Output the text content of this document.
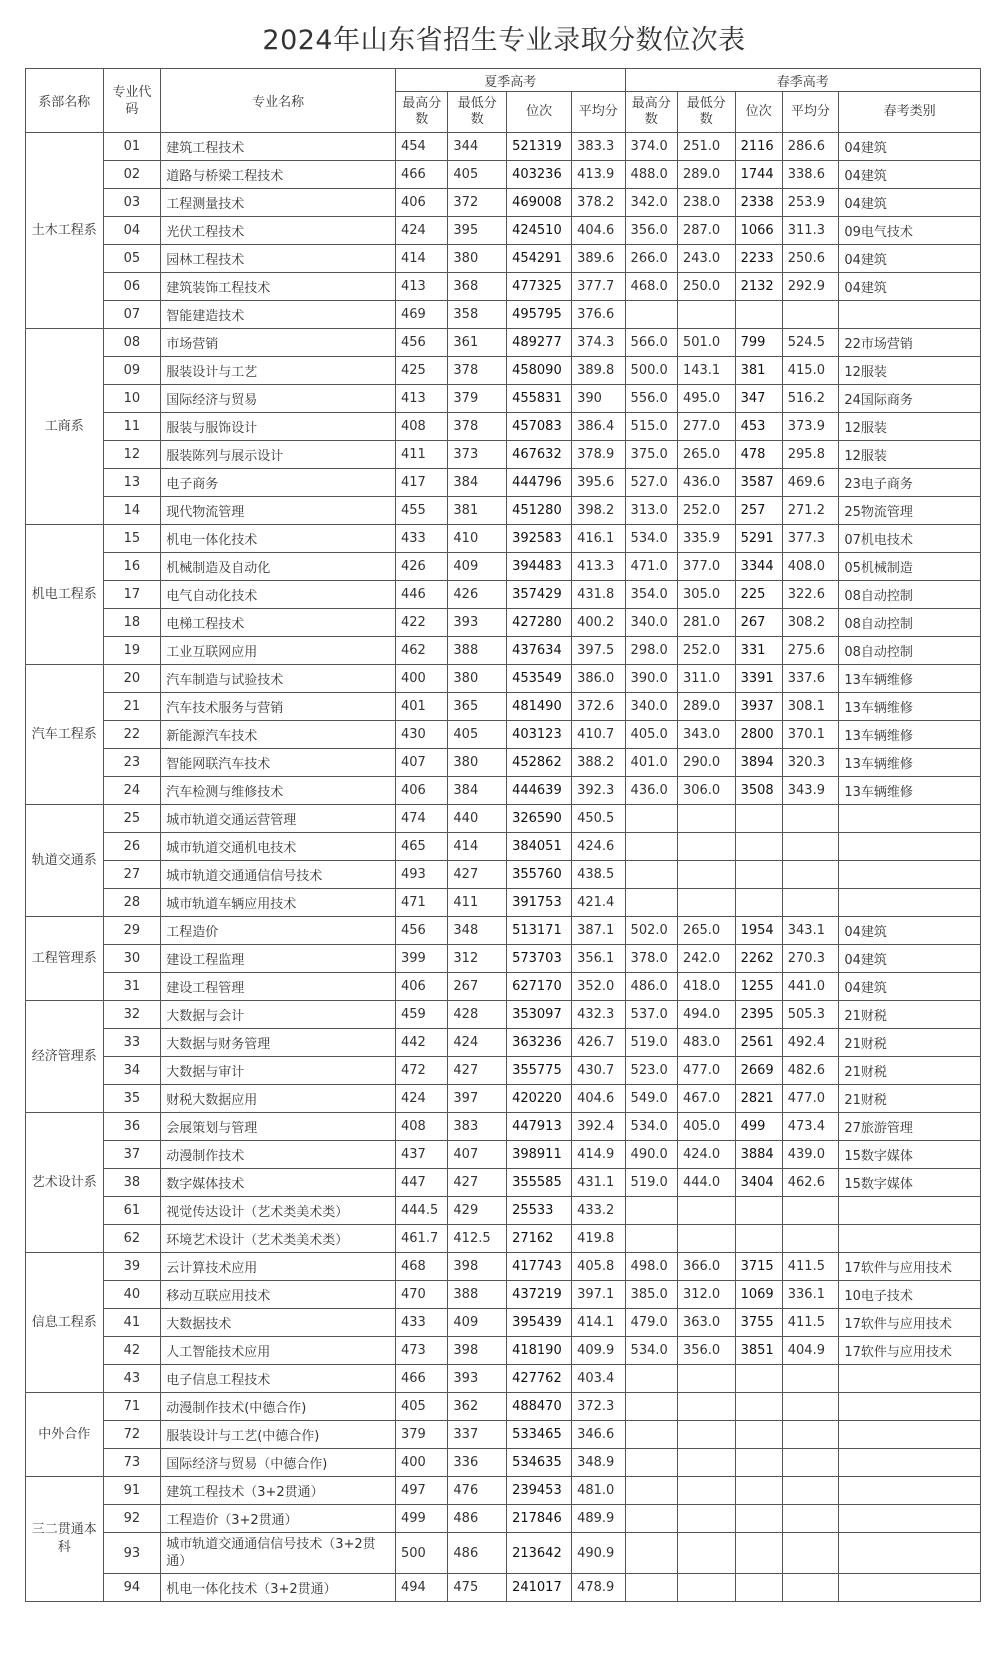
2024年山东省招生专业录取分数位次表
系部名称	专业代码	专业名称	夏季高考				春季高考				
			最高分数	最低分数	位次	平均分	最高分数	最低分数	位次	平均分	春考类别
土木工程系	01	建筑工程技术	454	344	521319	383.3	374.0	251.0	2116	286.6	04建筑
	02	道路与桥梁工程技术	466	405	403236	413.9	488.0	289.0	1744	338.6	04建筑
	03	工程测量技术	406	372	469008	378.2	342.0	238.0	2338	253.9	04建筑
	04	光伏工程技术	424	395	424510	404.6	356.0	287.0	1066	311.3	09电气技术
	05	园林工程技术	414	380	454291	389.6	266.0	243.0	2233	250.6	04建筑
	06	建筑装饰工程技术	413	368	477325	377.7	468.0	250.0	2132	292.9	04建筑
	07	智能建造技术	469	358	495795	376.6					
工商系	08	市场营销	456	361	489277	374.3	566.0	501.0	799	524.5	22市场营销
	09	服装设计与工艺	425	378	458090	389.8	500.0	143.1	381	415.0	12服装
	10	国际经济与贸易	413	379	455831	390	556.0	495.0	347	516.2	24国际商务
	11	服装与服饰设计	408	378	457083	386.4	515.0	277.0	453	373.9	12服装
	12	服装陈列与展示设计	411	373	467632	378.9	375.0	265.0	478	295.8	12服装
	13	电子商务	417	384	444796	395.6	527.0	436.0	3587	469.6	23电子商务
	14	现代物流管理	455	381	451280	398.2	313.0	252.0	257	271.2	25物流管理
机电工程系	15	机电一体化技术	433	410	392583	416.1	534.0	335.9	5291	377.3	07机电技术
	16	机械制造及自动化	426	409	394483	413.3	471.0	377.0	3344	408.0	05机械制造
	17	电气自动化技术	446	426	357429	431.8	354.0	305.0	225	322.6	08自动控制
	18	电梯工程技术	422	393	427280	400.2	340.0	281.0	267	308.2	08自动控制
	19	工业互联网应用	462	388	437634	397.5	298.0	252.0	331	275.6	08自动控制
汽车工程系	20	汽车制造与试验技术	400	380	453549	386.0	390.0	311.0	3391	337.6	13车辆维修
	21	汽车技术服务与营销	401	365	481490	372.6	340.0	289.0	3937	308.1	13车辆维修
	22	新能源汽车技术	430	405	403123	410.7	405.0	343.0	2800	370.1	13车辆维修
	23	智能网联汽车技术	407	380	452862	388.2	401.0	290.0	3894	320.3	13车辆维修
	24	汽车检测与维修技术	406	384	444639	392.3	436.0	306.0	3508	343.9	13车辆维修
轨道交通系	25	城市轨道交通运营管理	474	440	326590	450.5					
	26	城市轨道交通机电技术	465	414	384051	424.6					
	27	城市轨道交通通信信号技术	493	427	355760	438.5					
	28	城市轨道车辆应用技术	471	411	391753	421.4					
工程管理系	29	工程造价	456	348	513171	387.1	502.0	265.0	1954	343.1	04建筑
	30	建设工程监理	399	312	573703	356.1	378.0	242.0	2262	270.3	04建筑
	31	建设工程管理	406	267	627170	352.0	486.0	418.0	1255	441.0	04建筑
经济管理系	32	大数据与会计	459	428	353097	432.3	537.0	494.0	2395	505.3	21财税
	33	大数据与财务管理	442	424	363236	426.7	519.0	483.0	2561	492.4	21财税
	34	大数据与审计	472	427	355775	430.7	523.0	477.0	2669	482.6	21财税
	35	财税大数据应用	424	397	420220	404.6	549.0	467.0	2821	477.0	21财税
艺术设计系	36	会展策划与管理	408	383	447913	392.4	534.0	405.0	499	473.4	27旅游管理
	37	动漫制作技术	437	407	398911	414.9	490.0	424.0	3884	439.0	15数字媒体
	38	数字媒体技术	447	427	355585	431.1	519.0	444.0	3404	462.6	15数字媒体
	61	视觉传达设计（艺术类美术类）	444.5	429	25533	433.2					
	62	环境艺术设计（艺术类美术类）	461.7	412.5	27162	419.8					
信息工程系	39	云计算技术应用	468	398	417743	405.8	498.0	366.0	3715	411.5	17软件与应用技术
	40	移动互联应用技术	470	388	437219	397.1	385.0	312.0	1069	336.1	10电子技术
	41	大数据技术	433	409	395439	414.1	479.0	363.0	3755	411.5	17软件与应用技术
	42	人工智能技术应用	473	398	418190	409.9	534.0	356.0	3851	404.9	17软件与应用技术
	43	电子信息工程技术	466	393	427762	403.4					
中外合作	71	动漫制作技术(中德合作)	405	362	488470	372.3					
	72	服装设计与工艺(中德合作)	379	337	533465	346.6					
	73	国际经济与贸易（中德合作)	400	336	534635	348.9					
三二贯通本科	91	建筑工程技术（3+2贯通）	497	476	239453	481.0					
	92	工程造价（3+2贯通）	499	486	217846	489.9					
	93	城市轨道交通通信信号技术（3+2贯通）	500	486	213642	490.9					
	94	机电一体化技术（3+2贯通）	494	475	241017	478.9					
